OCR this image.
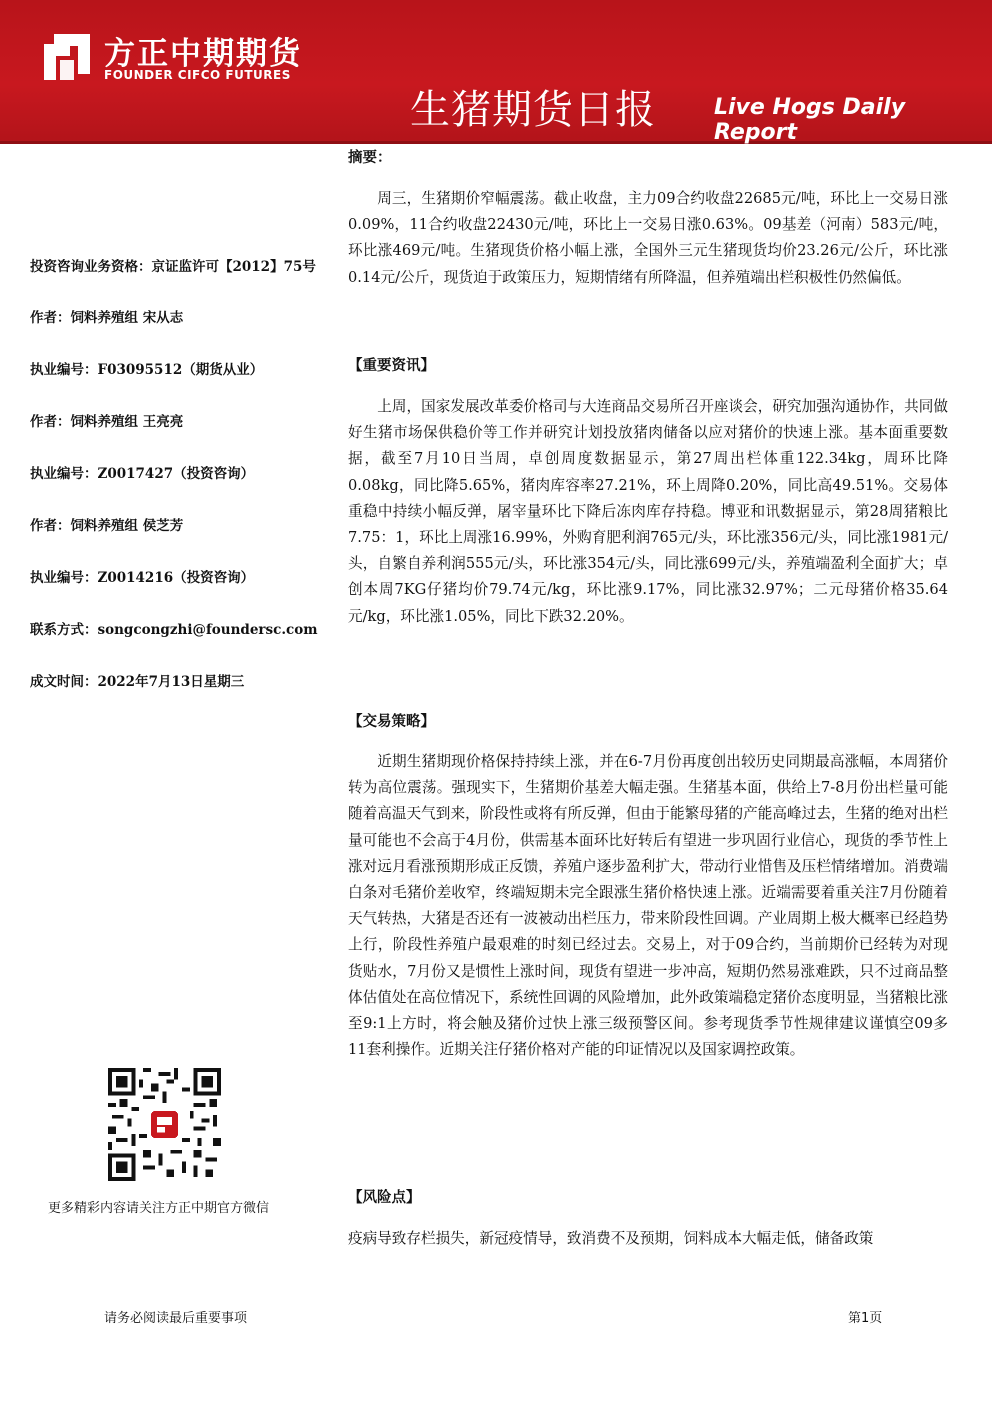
方正中期期货
FOUNDER CIFCO FUTURES
生猪期货日报	Live Hogs Daily Report
投资咨询业务资格：京证监许可【2012】75号
作者：饲料养殖组 宋从志
执业编号：F03095512（期货从业）
作者：饲料养殖组 王亮亮
执业编号：Z0017427（投资咨询）
作者：饲料养殖组 侯芝芳
执业编号：Z0014216（投资咨询）
联系方式：songcongzhi@foundersc.com
成文时间：2022年7月13日星期三
更多精彩内容请关注方正中期官方微信
摘要：

周三，生猪期价窄幅震荡。截止收盘，主力09合约收盘22685元/吨，环比上一交易日涨0.09%，11合约收盘22430元/吨，环比上一交易日涨0.63%。09基差（河南）583元/吨，环比涨469元/吨。生猪现货价格小幅上涨，全国外三元生猪现货均价23.26元/公斤，环比涨0.14元/公斤，现货迫于政策压力，短期情绪有所降温，但养殖端出栏积极性仍然偏低。

【重要资讯】

上周，国家发展改革委价格司与大连商品交易所召开座谈会，研究加强沟通协作，共同做好生猪市场保供稳价等工作并研究计划投放猪肉储备以应对猪价的快速上涨。基本面重要数据，截至7月10日当周，卓创周度数据显示，第27周出栏体重122.34kg，周环比降0.08kg，同比降5.65%，猪肉库容率27.21%，环上周降0.20%，同比高49.51%。交易体重稳中持续小幅反弹，屠宰量环比下降后冻肉库存持稳。博亚和讯数据显示，第28周猪粮比7.75：1，环比上周涨16.99%，外购育肥利润765元/头，环比涨356元/头，同比涨1981元/头，自繁自养利润555元/头，环比涨354元/头，同比涨699元/头，养殖端盈利全面扩大；卓创本周7KG仔猪均价79.74元/kg，环比涨9.17%，同比涨32.97%；二元母猪价格35.64元/kg，环比涨1.05%，同比下跌32.20%。

【交易策略】

近期生猪期现价格保持持续上涨，并在6-7月份再度创出较历史同期最高涨幅，本周猪价转为高位震荡。强现实下，生猪期价基差大幅走强。生猪基本面，供给上7-8月份出栏量可能随着高温天气到来，阶段性或将有所反弹，但由于能繁母猪的产能高峰过去，生猪的绝对出栏量可能也不会高于4月份，供需基本面环比好转后有望进一步巩固行业信心，现货的季节性上涨对远月看涨预期形成正反馈，养殖户逐步盈利扩大，带动行业惜售及压栏情绪增加。消费端白条对毛猪价差收窄，终端短期未完全跟涨生猪价格快速上涨。近端需要着重关注7月份随着天气转热，大猪是否还有一波被动出栏压力，带来阶段性回调。产业周期上极大概率已经趋势上行，阶段性养殖户最艰难的时刻已经过去。交易上，对于09合约，当前期价已经转为对现货贴水，7月份又是惯性上涨时间，现货有望进一步冲高，短期仍然易涨难跌，只不过商品整体估值处在高位情况下，系统性回调的风险增加，此外政策端稳定猪价态度明显，当猪粮比涨至9:1上方时，将会触及猪价过快上涨三级预警区间。参考现货季节性规律建议谨慎空09多11套利操作。近期关注仔猪价格对产能的印证情况以及国家调控政策。

【风险点】

疫病导致存栏损失，新冠疫情导，致消费不及预期，饲料成本大幅走低，储备政策

请务必阅读最后重要事项	第1页
